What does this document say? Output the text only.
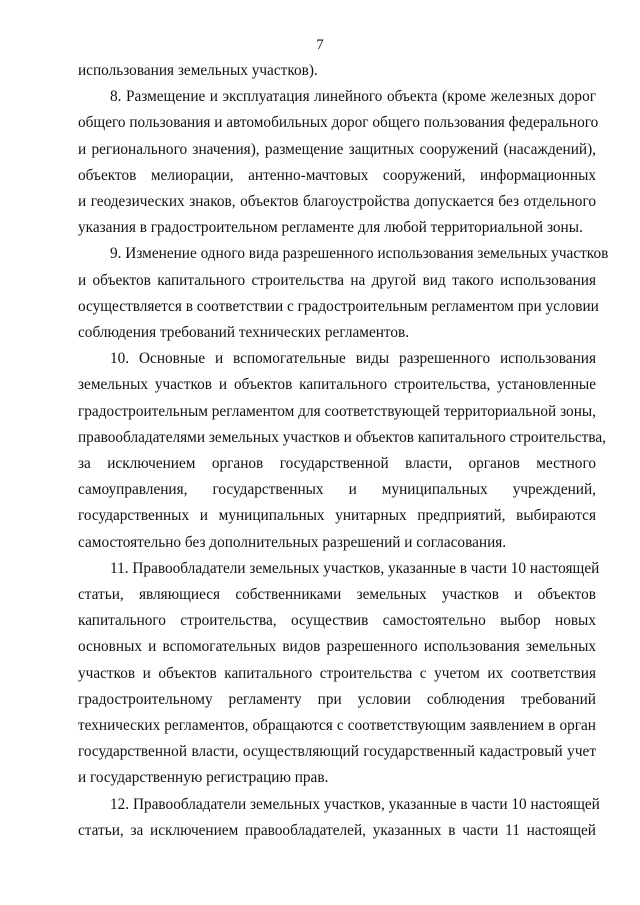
7
использования земельных участков).
8. Размещение и эксплуатация линейного объекта (кроме железных дорог
общего пользования и автомобильных дорог общего пользования федерального
и регионального значения), размещение защитных сооружений (насаждений),
объектов мелиорации, антенно-мачтовых сооружений, информационных
и геодезических знаков, объектов благоустройства допускается без отдельного
указания в градостроительном регламенте для любой территориальной зоны.
9. Изменение одного вида разрешенного использования земельных участков
и объектов капитального строительства на другой вид такого использования
осуществляется в соответствии с градостроительным регламентом при условии
соблюдения требований технических регламентов.
10. Основные и вспомогательные виды разрешенного использования
земельных участков и объектов капитального строительства, установленные
градостроительным регламентом для соответствующей территориальной зоны,
правообладателями земельных участков и объектов капитального строительства,
за исключением органов государственной власти, органов местного
самоуправления, государственных и муниципальных учреждений,
государственных и муниципальных унитарных предприятий, выбираются
самостоятельно без дополнительных разрешений и согласования.
11. Правообладатели земельных участков, указанные в части 10 настоящей
статьи, являющиеся собственниками земельных участков и объектов
капитального строительства, осуществив самостоятельно выбор новых
основных и вспомогательных видов разрешенного использования земельных
участков и объектов капитального строительства с учетом их соответствия
градостроительному регламенту при условии соблюдения требований
технических регламентов, обращаются с соответствующим заявлением в орган
государственной власти, осуществляющий государственный кадастровый учет
и государственную регистрацию прав.
12. Правообладатели земельных участков, указанные в части 10 настоящей
статьи, за исключением правообладателей, указанных в части 11 настоящей
